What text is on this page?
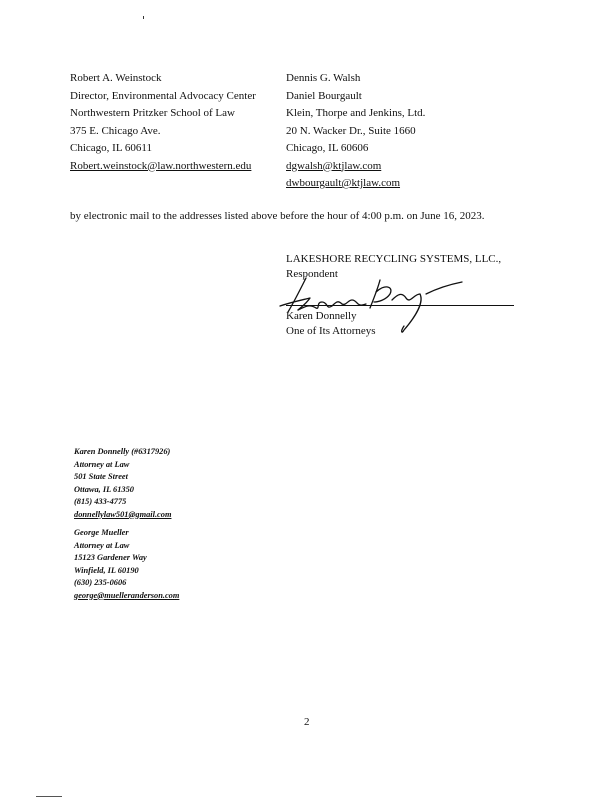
Robert A. Weinstock
Director, Environmental Advocacy Center
Northwestern Pritzker School of Law
375 E. Chicago Ave.
Chicago, IL 60611
Robert.weinstock@law.northwestern.edu
Dennis G. Walsh
Daniel Bourgault
Klein, Thorpe and Jenkins, Ltd.
20 N. Wacker Dr., Suite 1660
Chicago, IL 60606
dgwalsh@ktjlaw.com
dwbourgault@ktjlaw.com
by electronic mail to the addresses listed above before the hour of 4:00 p.m. on June 16, 2023.
LAKESHORE RECYCLING SYSTEMS, LLC.,
Respondent
Karen Donnelly
One of Its Attorneys
Karen Donnelly (#6317926)
Attorney at Law
501 State Street
Ottawa, IL 61350
(815) 433-4775
donnellylaw501@gmail.com
George Mueller
Attorney at Law
15123 Gardener Way
Winfield, IL 60190
(630) 235-0606
george@muelleranderson.com
2
